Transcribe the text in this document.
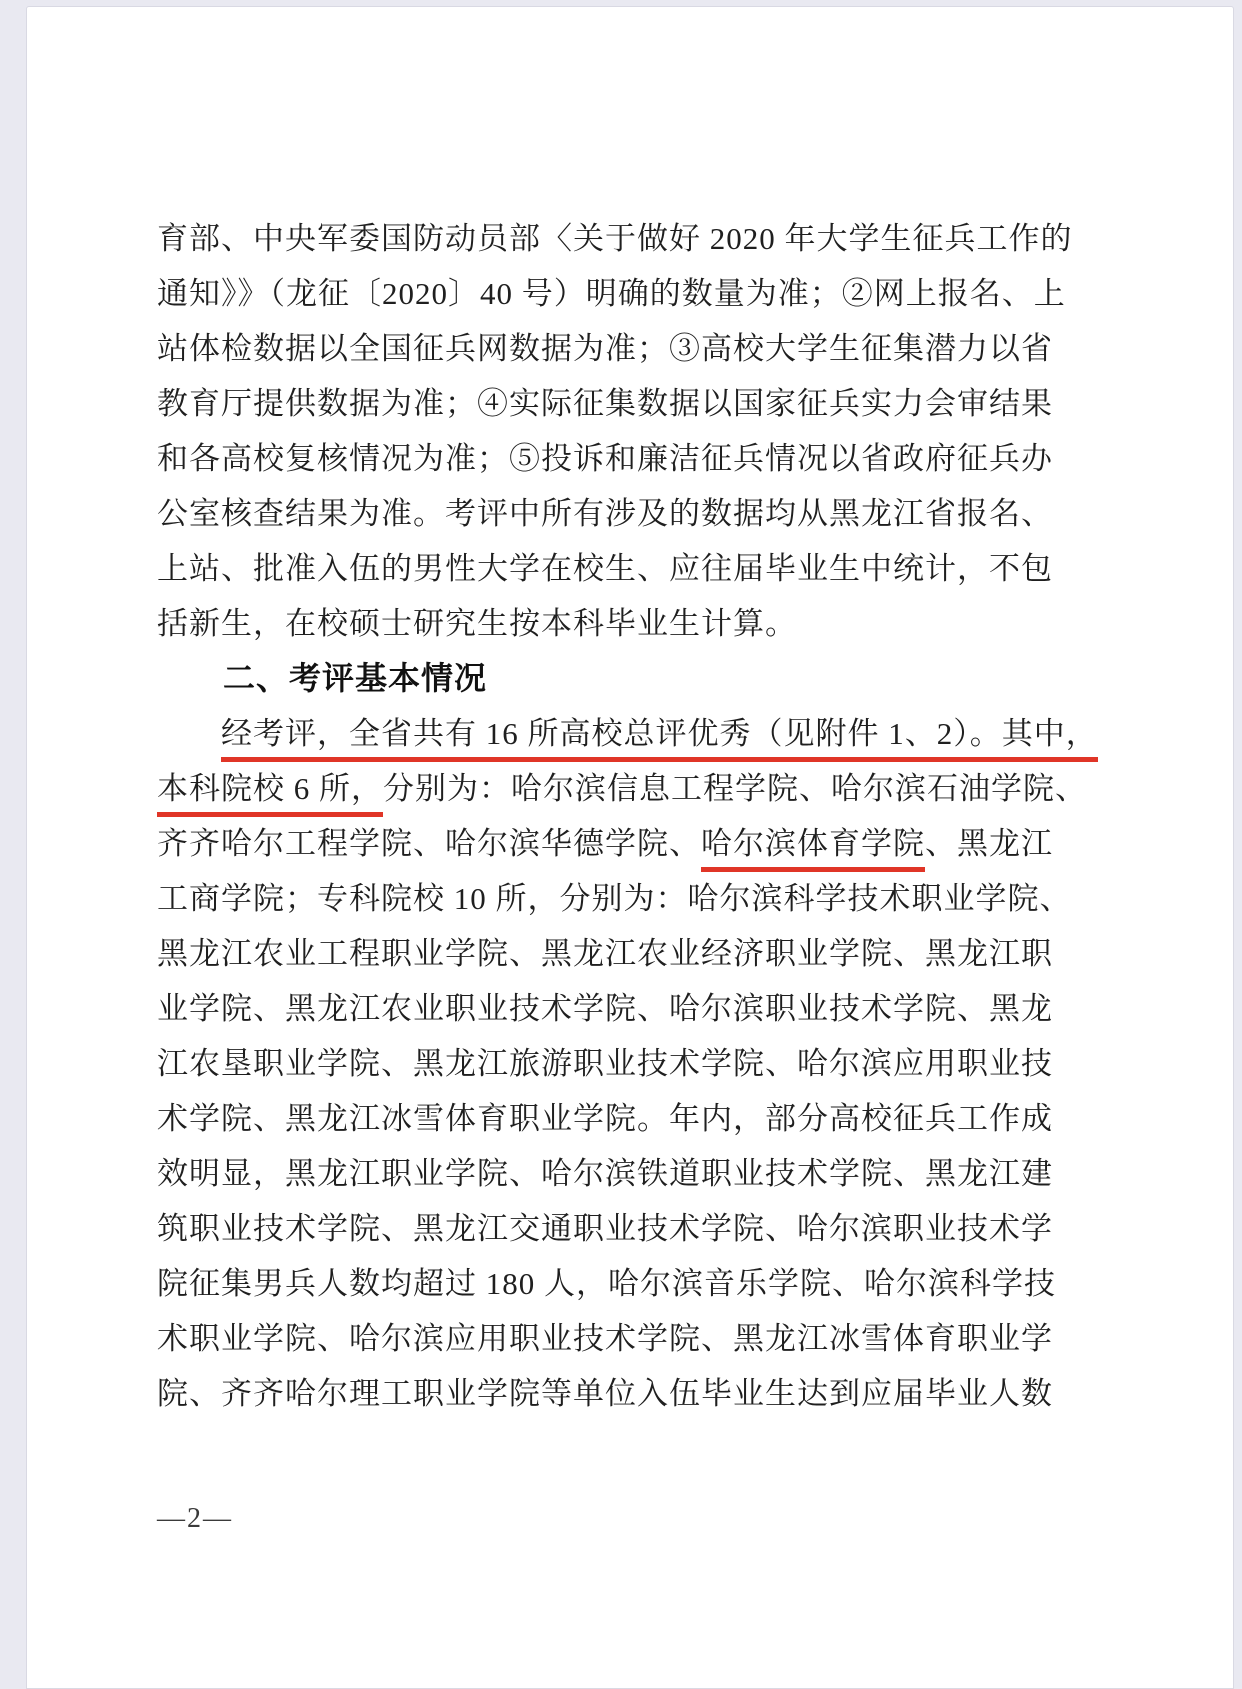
育部、中央军委国防动员部〈关于做好 2020 年大学生征兵工作的
通知》》（龙征〔2020〕40 号）明确的数量为准；②网上报名、上
站体检数据以全国征兵网数据为准；③高校大学生征集潜力以省
教育厅提供数据为准；④实际征集数据以国家征兵实力会审结果
和各高校复核情况为准；⑤投诉和廉洁征兵情况以省政府征兵办
公室核查结果为准。考评中所有涉及的数据均从黑龙江省报名、
上站、批准入伍的男性大学在校生、应往届毕业生中统计，不包
括新生，在校硕士研究生按本科毕业生计算。
二、考评基本情况
经考评，全省共有 16 所高校总评优秀（见附件 1、2）。其中，
本科院校 6 所，分别为：哈尔滨信息工程学院、哈尔滨石油学院、
齐齐哈尔工程学院、哈尔滨华德学院、哈尔滨体育学院、黑龙江
工商学院；专科院校 10 所，分别为：哈尔滨科学技术职业学院、
黑龙江农业工程职业学院、黑龙江农业经济职业学院、黑龙江职
业学院、黑龙江农业职业技术学院、哈尔滨职业技术学院、黑龙
江农垦职业学院、黑龙江旅游职业技术学院、哈尔滨应用职业技
术学院、黑龙江冰雪体育职业学院。年内，部分高校征兵工作成
效明显，黑龙江职业学院、哈尔滨铁道职业技术学院、黑龙江建
筑职业技术学院、黑龙江交通职业技术学院、哈尔滨职业技术学
院征集男兵人数均超过 180 人，哈尔滨音乐学院、哈尔滨科学技
术职业学院、哈尔滨应用职业技术学院、黑龙江冰雪体育职业学
院、齐齐哈尔理工职业学院等单位入伍毕业生达到应届毕业人数
—2—
